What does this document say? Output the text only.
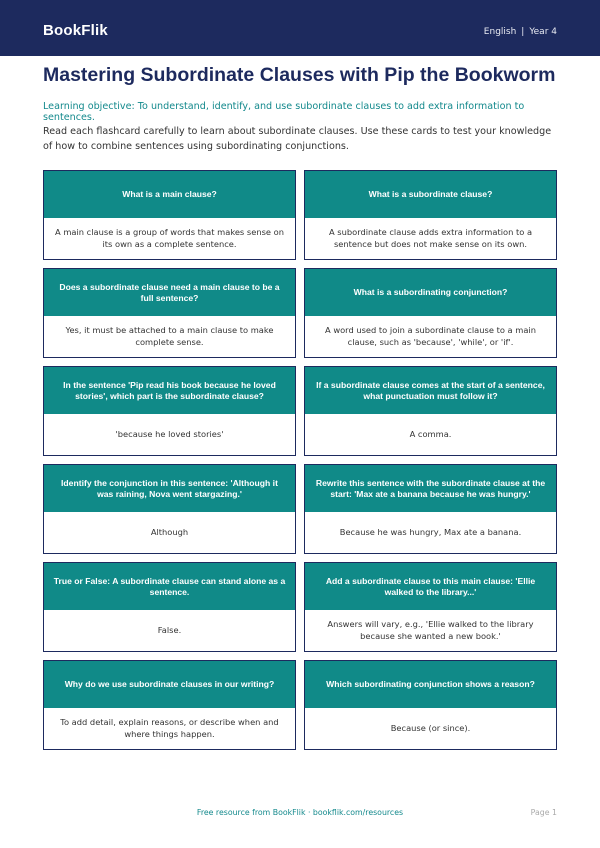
BookFlik	English | Year 4
Mastering Subordinate Clauses with Pip the Bookworm

Learning objective: To understand, identify, and use subordinate clauses to add extra information to sentences.

Read each flashcard carefully to learn about subordinate clauses. Use these cards to test your knowledge of how to combine sentences using subordinating conjunctions.

What is a main clause?
A main clause is a group of words that makes sense on its own as a complete sentence.
What is a subordinate clause?
A subordinate clause adds extra information to a sentence but does not make sense on its own.
Does a subordinate clause need a main clause to be a full sentence?
Yes, it must be attached to a main clause to make complete sense.
What is a subordinating conjunction?
A word used to join a subordinate clause to a main clause, such as 'because', 'while', or 'if'.
In the sentence 'Pip read his book because he loved stories', which part is the subordinate clause?
'because he loved stories'
If a subordinate clause comes at the start of a sentence, what punctuation must follow it?
A comma.
Identify the conjunction in this sentence: 'Although it was raining, Nova went stargazing.'
Although
Rewrite this sentence with the subordinate clause at the start: 'Max ate a banana because he was hungry.'
Because he was hungry, Max ate a banana.
True or False: A subordinate clause can stand alone as a sentence.
False.
Add a subordinate clause to this main clause: 'Ellie walked to the library...'
Answers will vary, e.g., 'Ellie walked to the library because she wanted a new book.'
Why do we use subordinate clauses in our writing?
To add detail, explain reasons, or describe when and where things happen.
Which subordinating conjunction shows a reason?
Because (or since).
Free resource from BookFlik · bookflik.com/resources	Page 1
